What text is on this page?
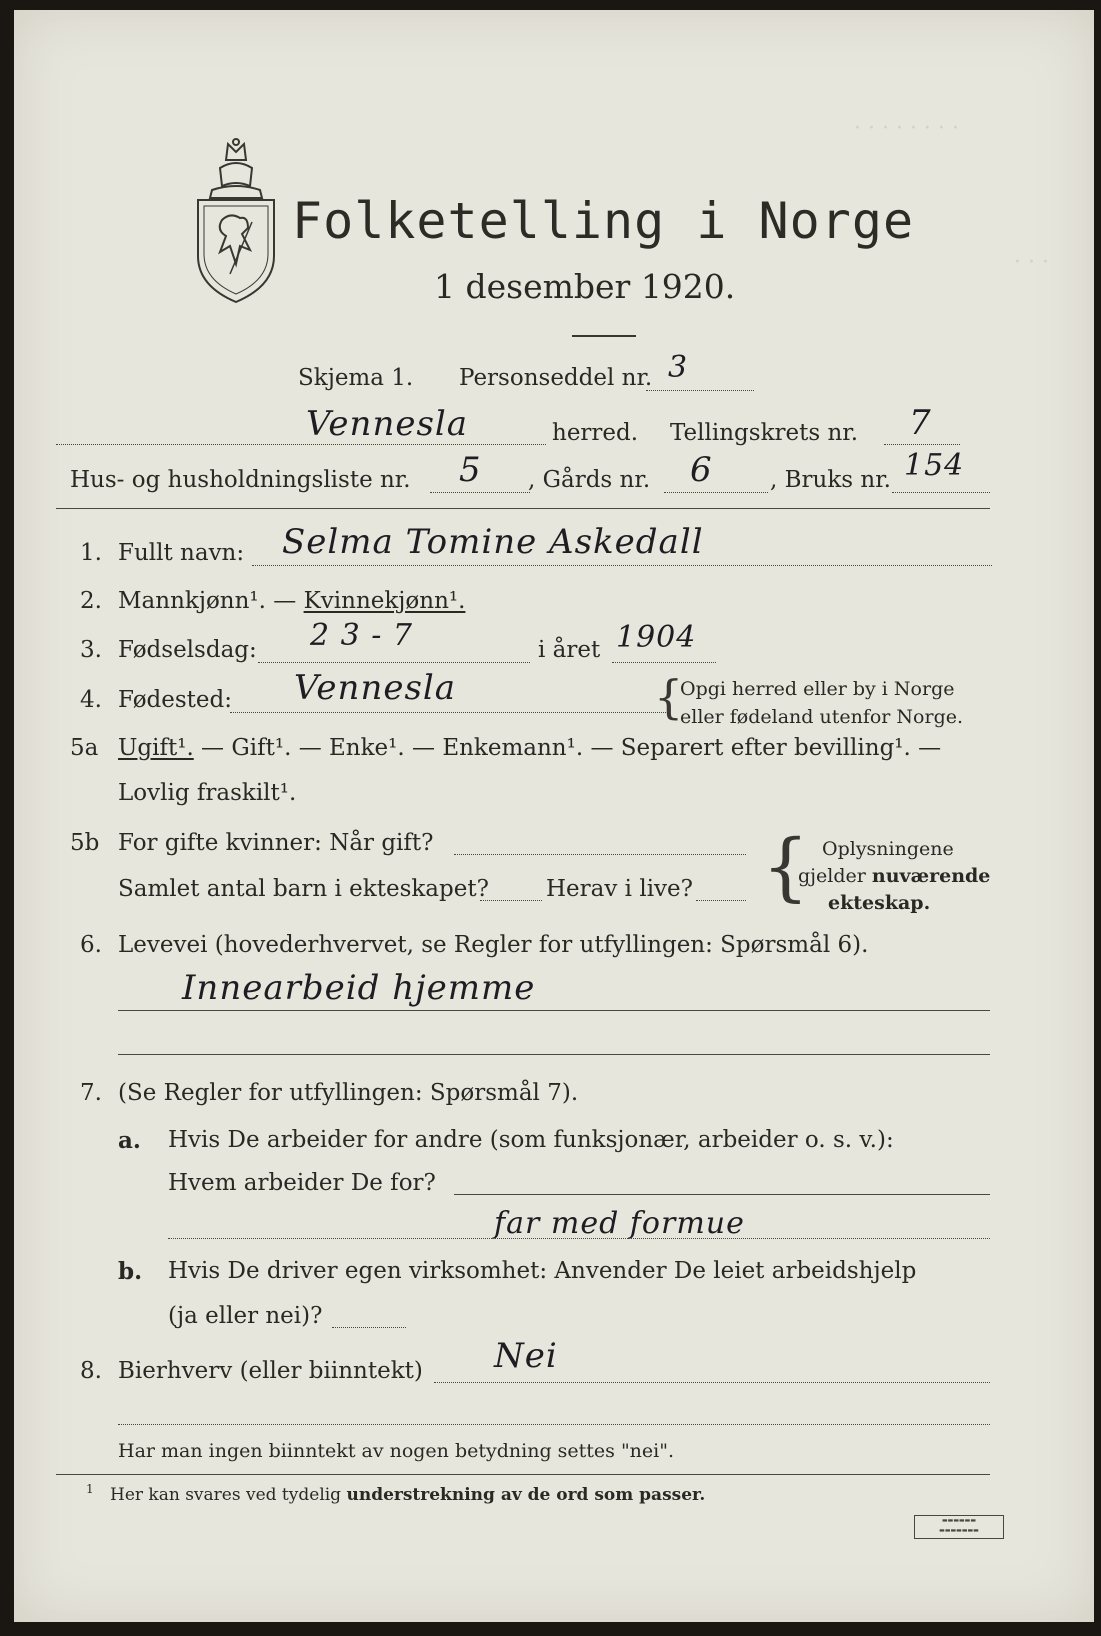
· · · · · · · ·
· · ·
Folketelling i Norge
1 desember 1920.
Skjema 1. Personseddel nr. 3
Vennesla	herred. Tellingskrets nr. 7
Hus- og husholdningsliste nr. 5 , Gårds nr. 6 , Bruks nr. 154
1. Fullt navn: Selma Tomine Askedall
2. Mannkjønn¹. — Kvinnekjønn¹.
3. Fødselsdag: 2 3 - 7	i året 1904
4. Fødested: Vennesla	{
Opgi herred eller by i Norge
eller fødeland utenfor Norge.
5a Ugift¹. — Gift¹. — Enke¹. — Enkemann¹. — Separert efter bevilling¹. —
Lovlig fraskilt¹.
5b For gifte kvinner: Når gift?
Samlet antal barn i ekteskapet? Herav i live? { Oplysningene
gjelder nuværende
ekteskap.
6. Levevei (hovederhvervet, se Regler for utfyllingen: Spørsmål 6).
Innearbeid hjemme
7. (Se Regler for utfyllingen: Spørsmål 7).
a. Hvis De arbeider for andre (som funksjonær, arbeider o. s. v.):
Hvem arbeider De for?
far med formue
b. Hvis De driver egen virksomhet: Anvender De leiet arbeidshjelp
(ja eller nei)?
8. Bierhverv (eller biinntekt) Nei
Har man ingen biinntekt av nogen betydning settes "nei".
1 Her kan svares ved tydelig understrekning av de ord som passer.
▬▬▬▬▬▬
▬▬▬▬▬▬▬
